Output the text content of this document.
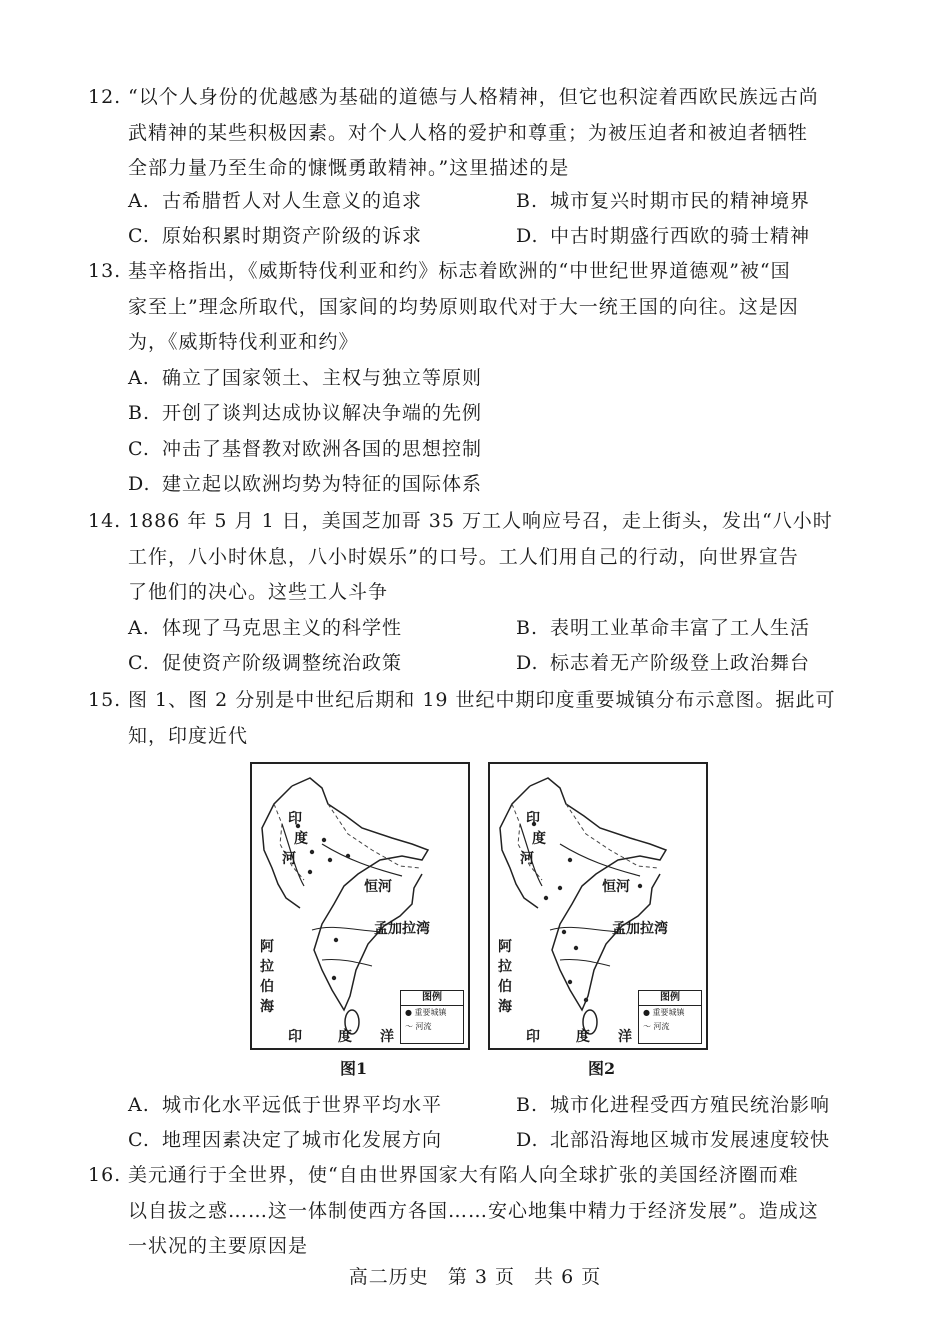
12. “以个人身份的优越感为基础的道德与人格精神，但它也积淀着西欧民族远古尚
武精神的某些积极因素。对个人人格的爱护和尊重；为被压迫者和被迫者牺牲
全部力量乃至生命的慷慨勇敢精神。”这里描述的是
A. 古希腊哲人对人生意义的追求	B. 城市复兴时期市民的精神境界
C. 原始积累时期资产阶级的诉求	D. 中古时期盛行西欧的骑士精神
13. 基辛格指出，《威斯特伐利亚和约》标志着欧洲的“中世纪世界道德观”被“国
家至上”理念所取代，国家间的均势原则取代对于大一统王国的向往。这是因
为，《威斯特伐利亚和约》
A. 确立了国家领土、主权与独立等原则
B. 开创了谈判达成协议解决争端的先例
C. 冲击了基督教对欧洲各国的思想控制
D. 建立起以欧洲均势为特征的国际体系
14. 1886 年 5 月 1 日，美国芝加哥 35 万工人响应号召，走上街头，发出“八小时
工作，八小时休息，八小时娱乐”的口号。工人们用自己的行动，向世界宣告
了他们的决心。这些工人斗争
A. 体现了马克思主义的科学性	B. 表明工业革命丰富了工人生活
C. 促使资产阶级调整统治政策	D. 标志着无产阶级登上政治舞台
15. 图 1、图 2 分别是中世纪后期和 19 世纪中期印度重要城镇分布示意图。据此可
知，印度近代
印
度
河
恒河
孟加拉湾
阿
拉
伯
海
印	度 洋
图例
● 重要城镇
〜 河流
图1
印
度
河
恒河
孟加拉湾
阿
拉
伯
海
印	度 洋
图例
● 重要城镇
〜 河流
图2
A. 城市化水平远低于世界平均水平	B. 城市化进程受西方殖民统治影响
C. 地理因素决定了城市化发展方向	D. 北部沿海地区城市发展速度较快
16. 美元通行于全世界，使“自由世界国家大有陷人向全球扩张的美国经济圈而难
以自拔之惑……这一体制使西方各国……安心地集中精力于经济发展”。造成这
一状况的主要原因是
高二历史 第 3 页 共 6 页
